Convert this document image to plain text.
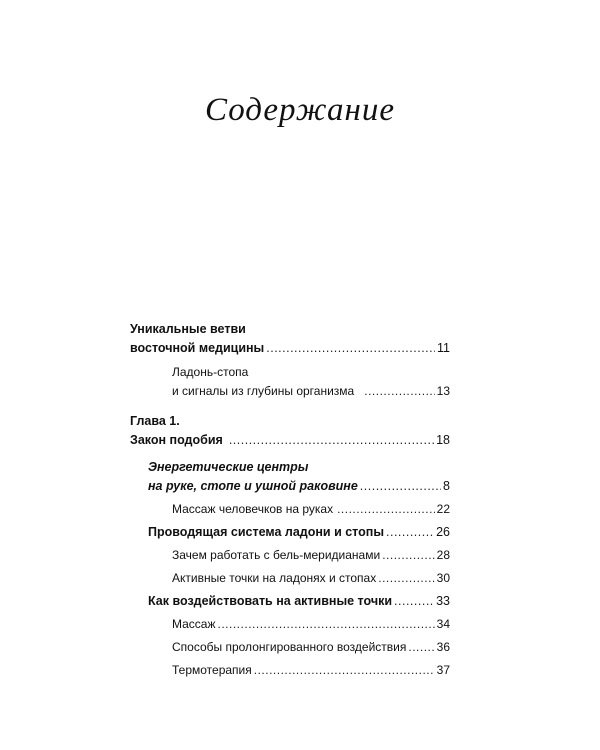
Содержание
Уникальные ветви
восточной медицины .....	11
Ладонь-стопа
и сигналы из глубины организма .....	13
Глава 1.
Закон подобия .....	18
Энергетические центры
на руке, стопе и ушной раковине .....	8
Массаж человечков на руках .....	22
Проводящая система ладони и стопы .....	26
Зачем работать с бель-меридианами .....	28
Активные точки на ладонях и стопах .....	30
Как воздействовать на активные точки .....	33
Массаж .....	34
Способы пролонгированного воздействия .....	36
Термотерапия .....	37
